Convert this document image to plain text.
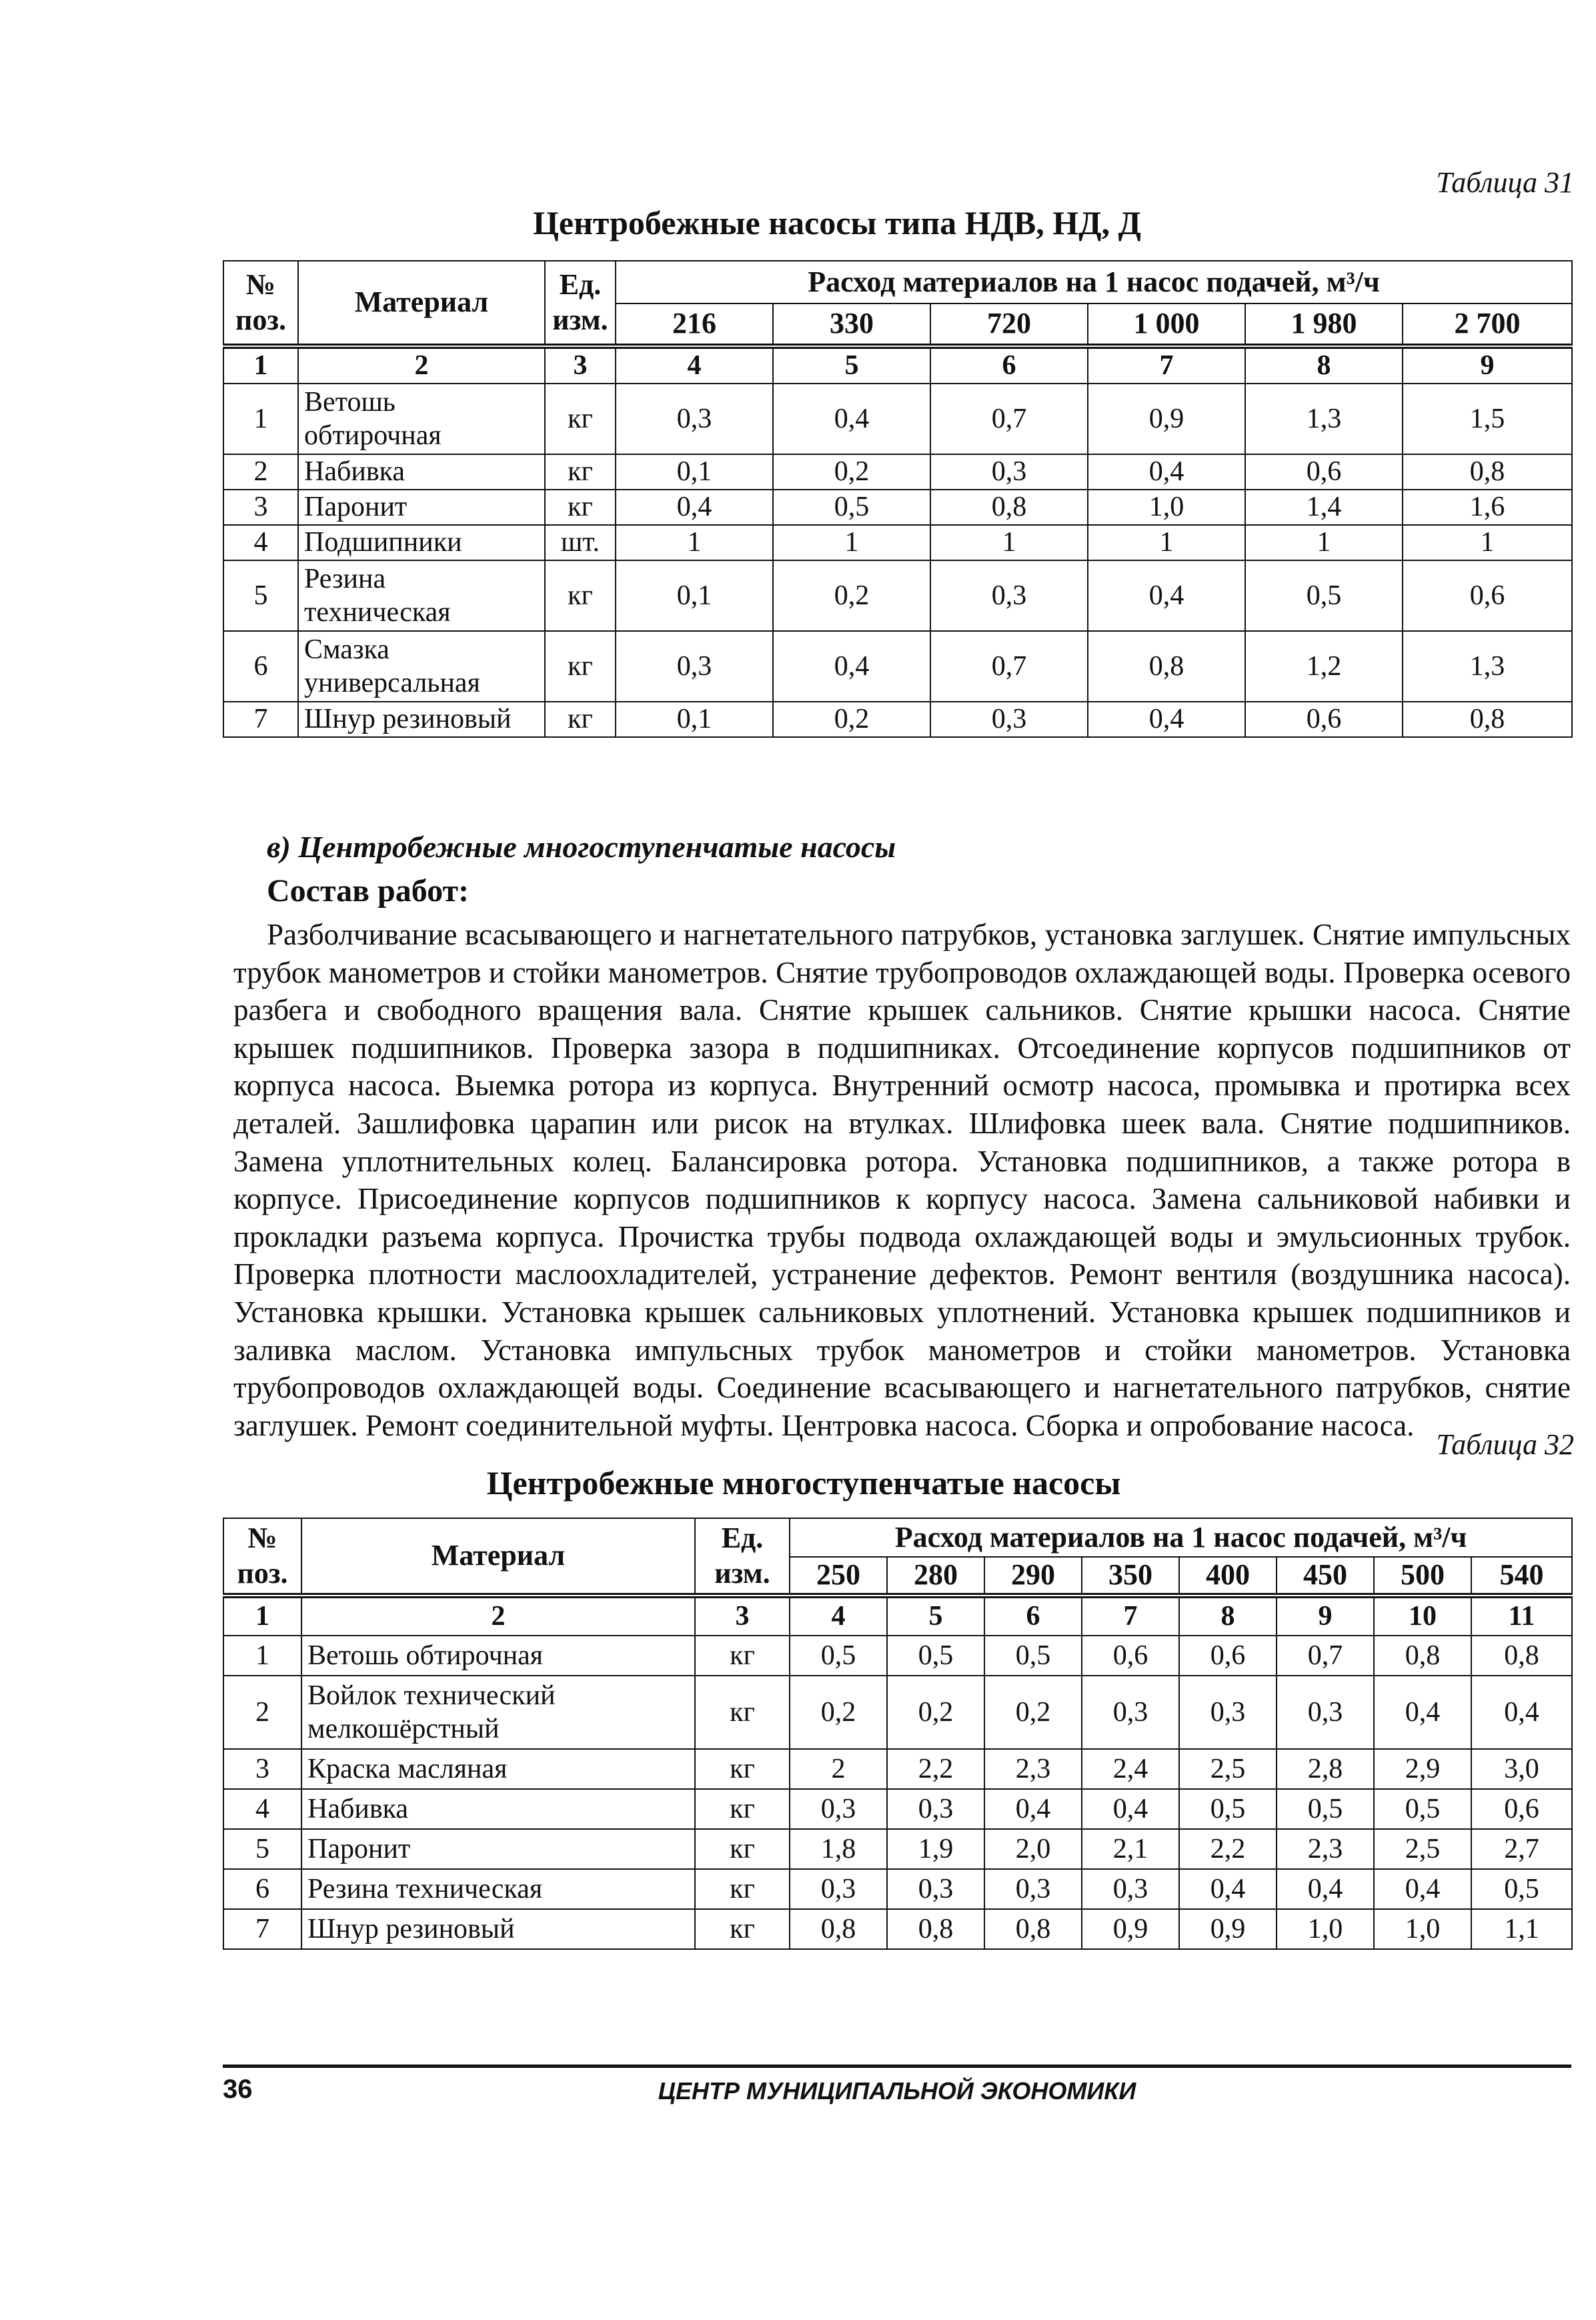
Таблица 31
Центробежные насосы типа НДВ, НД, Д
№ поз.	Материал	Ед. изм.	Расход материалов на 1 насос подачей, м³/ч					
			216	330	720	1 000	1 980	2 700
1	2	3	4	5	6	7	8	9
1	Ветошь обтирочная	кг	0,3	0,4	0,7	0,9	1,3	1,5
2	Набивка	кг	0,1	0,2	0,3	0,4	0,6	0,8
3	Паронит	кг	0,4	0,5	0,8	1,0	1,4	1,6
4	Подшипники	шт.	1	1	1	1	1	1
5	Резина техническая	кг	0,1	0,2	0,3	0,4	0,5	0,6
6	Смазка универсальная	кг	0,3	0,4	0,7	0,8	1,2	1,3
7	Шнур резиновый	кг	0,1	0,2	0,3	0,4	0,6	0,8
в) Центробежные многоступенчатые насосы
Состав работ:
Разболчивание всасывающего и нагнетательного патрубков, установка заглушек. Снятие импульсных трубок манометров и стойки манометров. Снятие трубопроводов охлаждающей воды. Проверка осевого разбега и свободного вращения вала. Снятие крышек сальников. Снятие крышки насоса. Снятие крышек подшипников. Проверка зазора в подшипниках. Отсоединение корпусов подшипников от корпуса насоса. Выемка ротора из корпуса. Внутренний осмотр насоса, промывка и протирка всех деталей. Зашлифовка царапин или рисок на втулках. Шлифовка шеек вала. Снятие подшипников. Замена уплотнительных колец. Балансировка ротора. Установка подшипников, а также ротора в корпусе. Присоединение корпусов подшипников к корпусу насоса. Замена сальниковой набивки и прокладки разъема корпуса. Прочистка трубы подвода охлаждающей воды и эмульсионных трубок. Проверка плотности маслоохладителей, устранение дефектов. Ремонт вентиля (воздушника насоса). Установка крышки. Установка крышек сальниковых уплотнений. Установка крышек подшипников и заливка маслом. Установка импульсных трубок манометров и стойки манометров. Установка трубопроводов охлаждающей воды. Соединение всасывающего и нагнетательного патрубков, снятие заглушек. Ремонт соединительной муфты. Центровка насоса. Сборка и опробование насоса.
Таблица 32
Центробежные многоступенчатые насосы
№ поз.	Материал	Ед. изм.	Расход материалов на 1 насос подачей, м³/ч							
			250	280	290	350	400	450	500	540
1	2	3	4	5	6	7	8	9	10	11
1	Ветошь обтирочная	кг	0,5	0,5	0,5	0,6	0,6	0,7	0,8	0,8
2	Войлок технический мелкошёрстный	кг	0,2	0,2	0,2	0,3	0,3	0,3	0,4	0,4
3	Краска масляная	кг	2	2,2	2,3	2,4	2,5	2,8	2,9	3,0
4	Набивка	кг	0,3	0,3	0,4	0,4	0,5	0,5	0,5	0,6
5	Паронит	кг	1,8	1,9	2,0	2,1	2,2	2,3	2,5	2,7
6	Резина техническая	кг	0,3	0,3	0,3	0,3	0,4	0,4	0,4	0,5
7	Шнур резиновый	кг	0,8	0,8	0,8	0,9	0,9	1,0	1,0	1,1
36	ЦЕНТР МУНИЦИПАЛЬНОЙ ЭКОНОМИКИ
